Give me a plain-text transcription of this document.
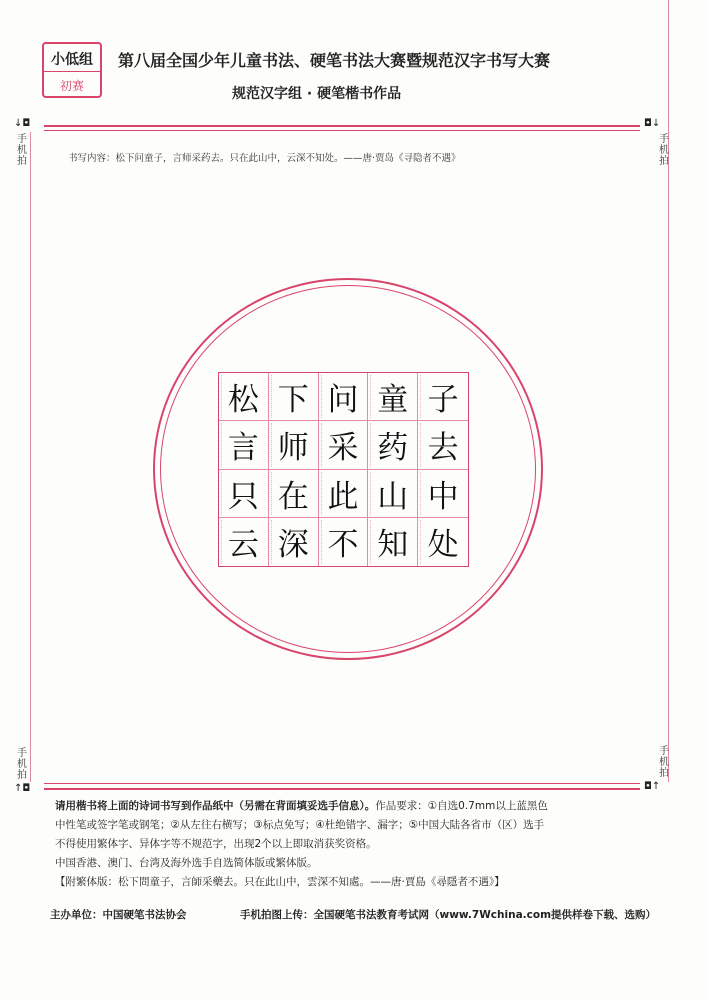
小低组
初赛
第八届全国少年儿童书法、硬笔书法大赛暨规范汉字书写大赛
规范汉字组 · 硬笔楷书作品
↓◘	◘↓
手
机
拍
手
机
拍
手
机
拍
手
机
拍
书写内容：松下问童子，言师采药去。只在此山中，云深不知处。——唐·贾岛《寻隐者不遇》
松 下 问 童 子
言 师 采 药 去
只 在 此 山 中
云 深 不 知 处
↑◘	◘↑
请用楷书将上面的诗词书写到作品纸中（另需在背面填妥选手信息）。作品要求：①自选0.7mm以上蓝黑色
中性笔或签字笔或钢笔；②从左往右横写；③标点免写；④杜绝错字、漏字；⑤中国大陆各省市（区）选手
不得使用繁体字、异体字等不规范字，出现2个以上即取消获奖资格。
中国香港、澳门、台湾及海外选手自选简体版或繁体版。
【附繁体版：松下問童子，言師采藥去。只在此山中，雲深不知處。——唐·賈島《尋隱者不遇》】
主办单位：中国硬笔书法协会	手机拍图上传：全国硬笔书法教育考试网（www.7Wchina.com提供样卷下载、选购）
